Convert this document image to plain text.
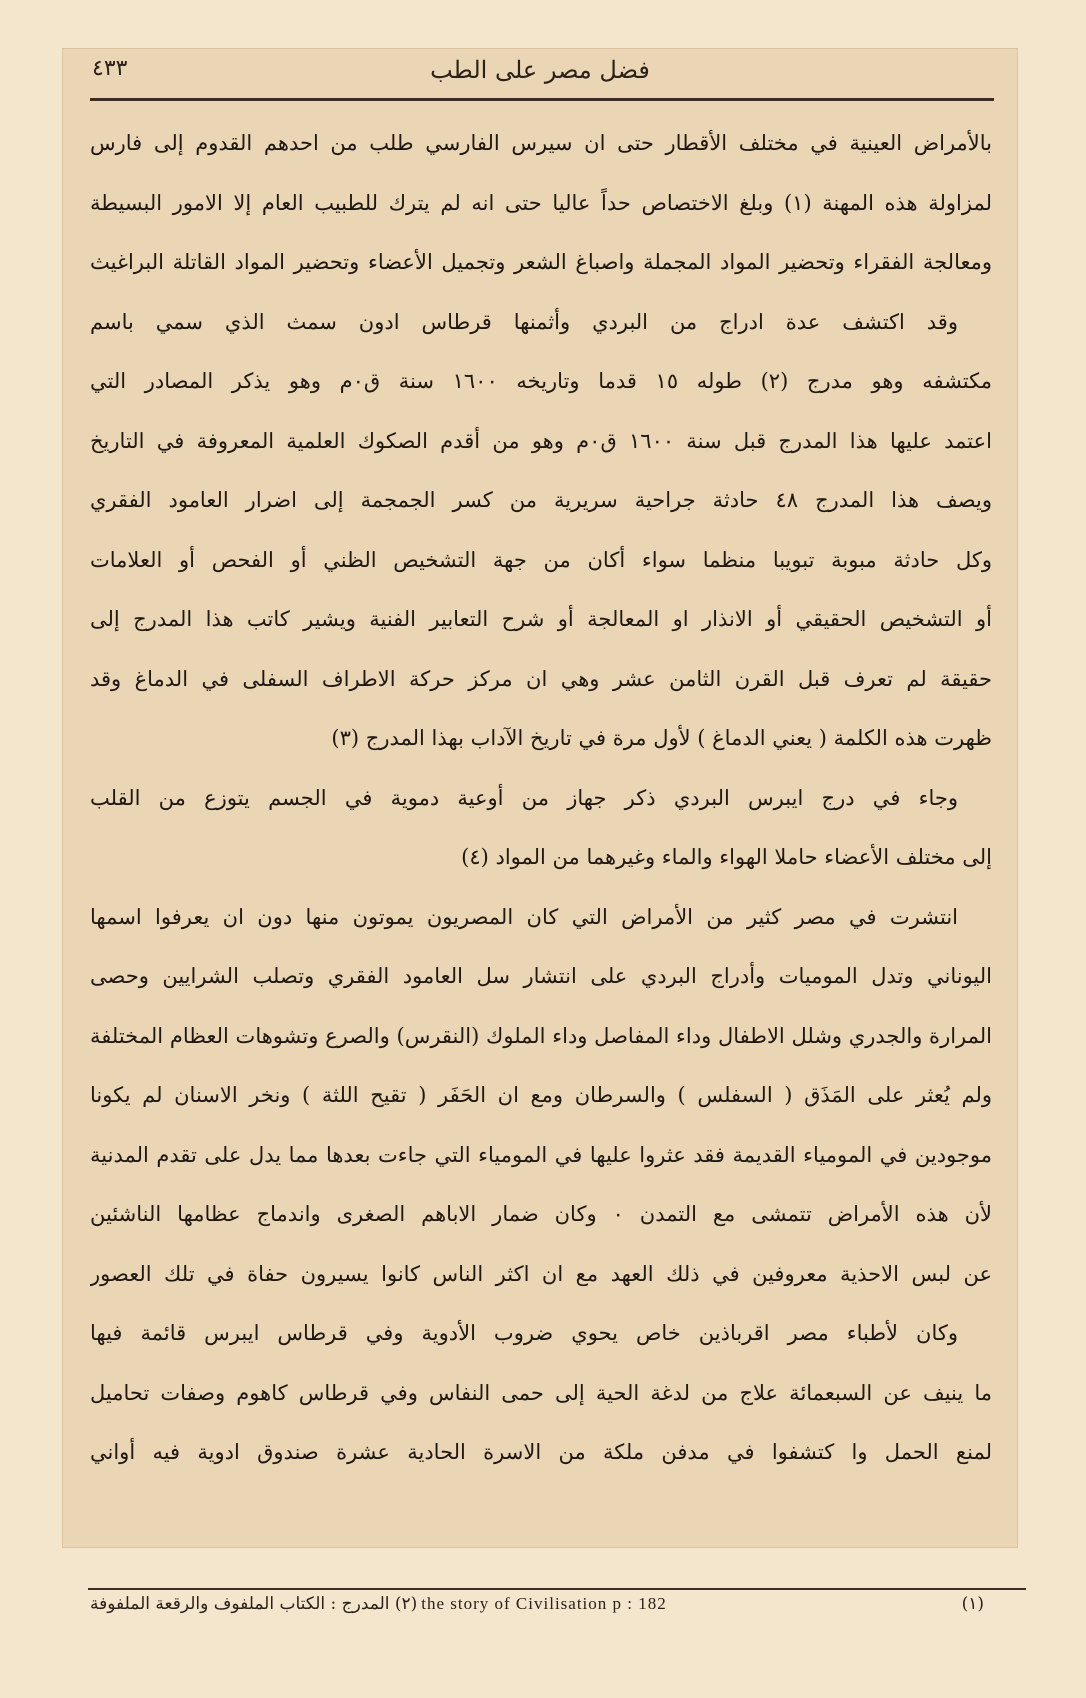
فضل مصر على الطب
٤٣٣
بالأمراض العينية في مختلف الأقطار حتى ان سيرس الفارسي طلب من احدهم القدوم إلى فارس
لمزاولة هذه المهنة (١) وبلغ الاختصاص حداً عاليا حتى انه لم يترك للطبيب العام إلا الامور البسيطة
ومعالجة الفقراء وتحضير المواد المجملة واصباغ الشعر وتجميل الأعضاء وتحضير المواد القاتلة البراغيث
وقد اكتشف عدة ادراج من البردي وأثمنها قرطاس ادون سمث الذي سمي باسم
مكتشفه وهو مدرج (٢) طوله ١٥ قدما وتاريخه ١٦٠٠ سنة ق٠م وهو يذكر المصادر التي
اعتمد عليها هذا المدرج قبل سنة ١٦٠٠ ق٠م وهو من أقدم الصكوك العلمية المعروفة في التاريخ
ويصف هذا المدرج ٤٨ حادثة جراحية سريرية من كسر الجمجمة إلى اضرار العامود الفقري
وكل حادثة مبوبة تبويبا منظما سواء أكان من جهة التشخيص الظني أو الفحص أو العلامات
أو التشخيص الحقيقي أو الانذار او المعالجة أو شرح التعابير الفنية ويشير كاتب هذا المدرج إلى
حقيقة لم تعرف قبل القرن الثامن عشر وهي ان مركز حركة الاطراف السفلى في الدماغ وقد
ظهرت هذه الكلمة ( يعني الدماغ ) لأول مرة في تاريخ الآداب بهذا المدرج (٣)
وجاء في درج ايبرس البردي ذكر جهاز من أوعية دموية في الجسم يتوزع من القلب
إلى مختلف الأعضاء حاملا الهواء والماء وغيرهما من المواد (٤)
انتشرت في مصر كثير من الأمراض التي كان المصريون يموتون منها دون ان يعرفوا اسمها
اليوناني وتدل الموميات وأدراج البردي على انتشار سل العامود الفقري وتصلب الشرايين وحصى
المرارة والجدري وشلل الاطفال وداء المفاصل وداء الملوك (النقرس) والصرع وتشوهات العظام المختلفة
ولم يُعثر على المَذَق ( السفلس ) والسرطان ومع ان الحَفَر ( تقيح اللثة ) ونخر الاسنان لم يكونا
موجودين في المومياء القديمة فقد عثروا عليها في المومياء التي جاءت بعدها مما يدل على تقدم المدنية
لأن هذه الأمراض تتمشى مع التمدن ٠ وكان ضمار الاباهم الصغرى واندماج عظامها الناشئين
عن لبس الاحذية معروفين في ذلك العهد مع ان اكثر الناس كانوا يسيرون حفاة في تلك العصور
وكان لأطباء مصر اقرباذين خاص يحوي ضروب الأدوية وفي قرطاس ايبرس قائمة فيها
ما ينيف عن السبعمائة علاج من لدغة الحية إلى حمى النفاس وفي قرطاس كاهوم وصفات تحاميل
لمنع الحمل وا كتشفوا في مدفن ملكة من الاسرة الحادية عشرة صندوق ادوية فيه أواني
(١)
the story of Civilisation p : 182
(٢) المدرج : الكتاب الملفوف والرقعة الملفوفة
